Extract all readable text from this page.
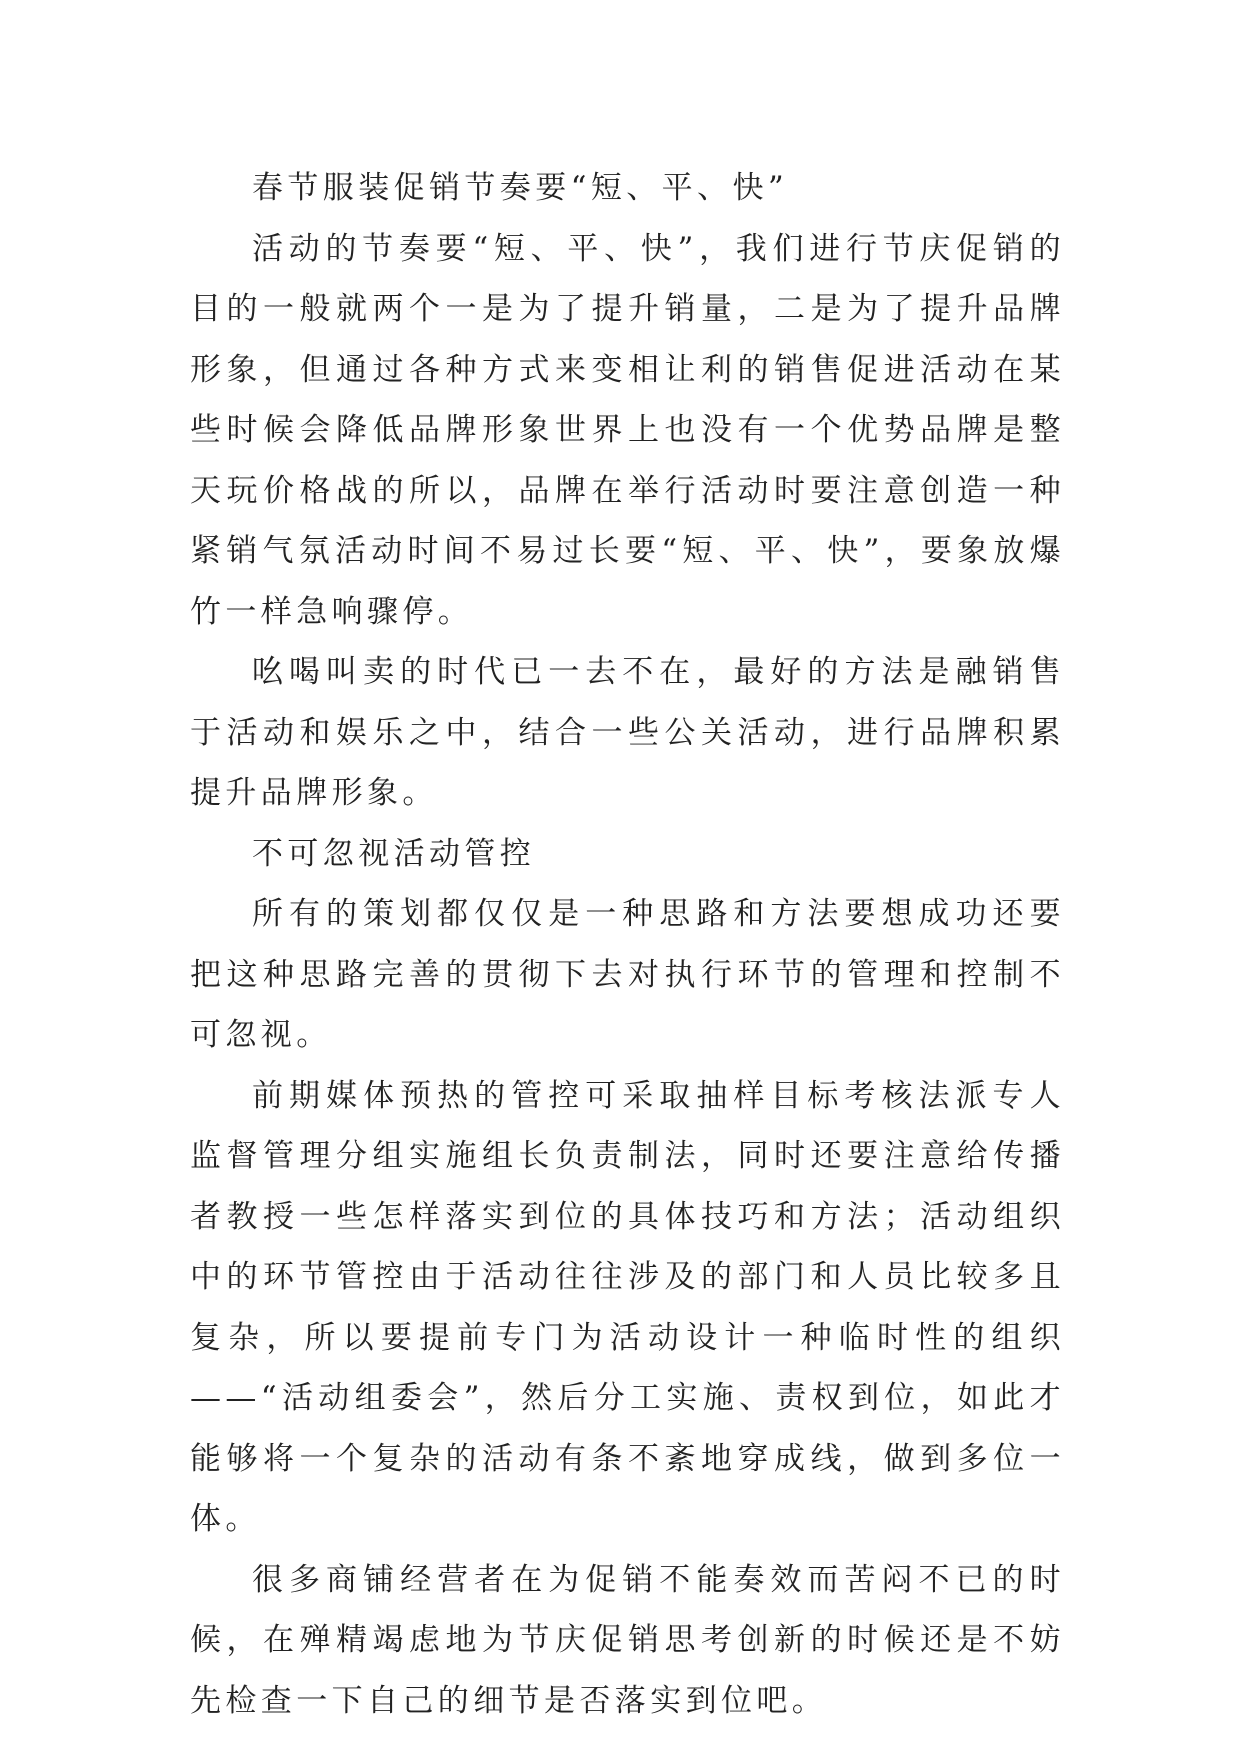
春节服装促销节奏要“短、平、快”

活动的节奏要“短、平、快”，我们进行节庆促销的目的一般就两个一是为了提升销量，二是为了提升品牌形象，但通过各种方式来变相让利的销售促进活动在某些时候会降低品牌形象世界上也没有一个优势品牌是整天玩价格战的所以，品牌在举行活动时要注意创造一种紧销气氛活动时间不易过长要“短、平、快”，要象放爆竹一样急响骤停。

吆喝叫卖的时代已一去不在，最好的方法是融销售于活动和娱乐之中，结合一些公关活动，进行品牌积累提升品牌形象。

不可忽视活动管控

所有的策划都仅仅是一种思路和方法要想成功还要把这种思路完善的贯彻下去对执行环节的管理和控制不可忽视。

前期媒体预热的管控可采取抽样目标考核法派专人监督管理分组实施组长负责制法，同时还要注意给传播者教授一些怎样落实到位的具体技巧和方法；活动组织中的环节管控由于活动往往涉及的部门和人员比较多且复杂，所以要提前专门为活动设计一种临时性的组织——“活动组委会”，然后分工实施、责权到位，如此才能够将一个复杂的活动有条不紊地穿成线，做到多位一体。

很多商铺经营者在为促销不能奏效而苦闷不已的时候，在殚精竭虑地为节庆促销思考创新的时候还是不妨先检查一下自己的细节是否落实到位吧。
